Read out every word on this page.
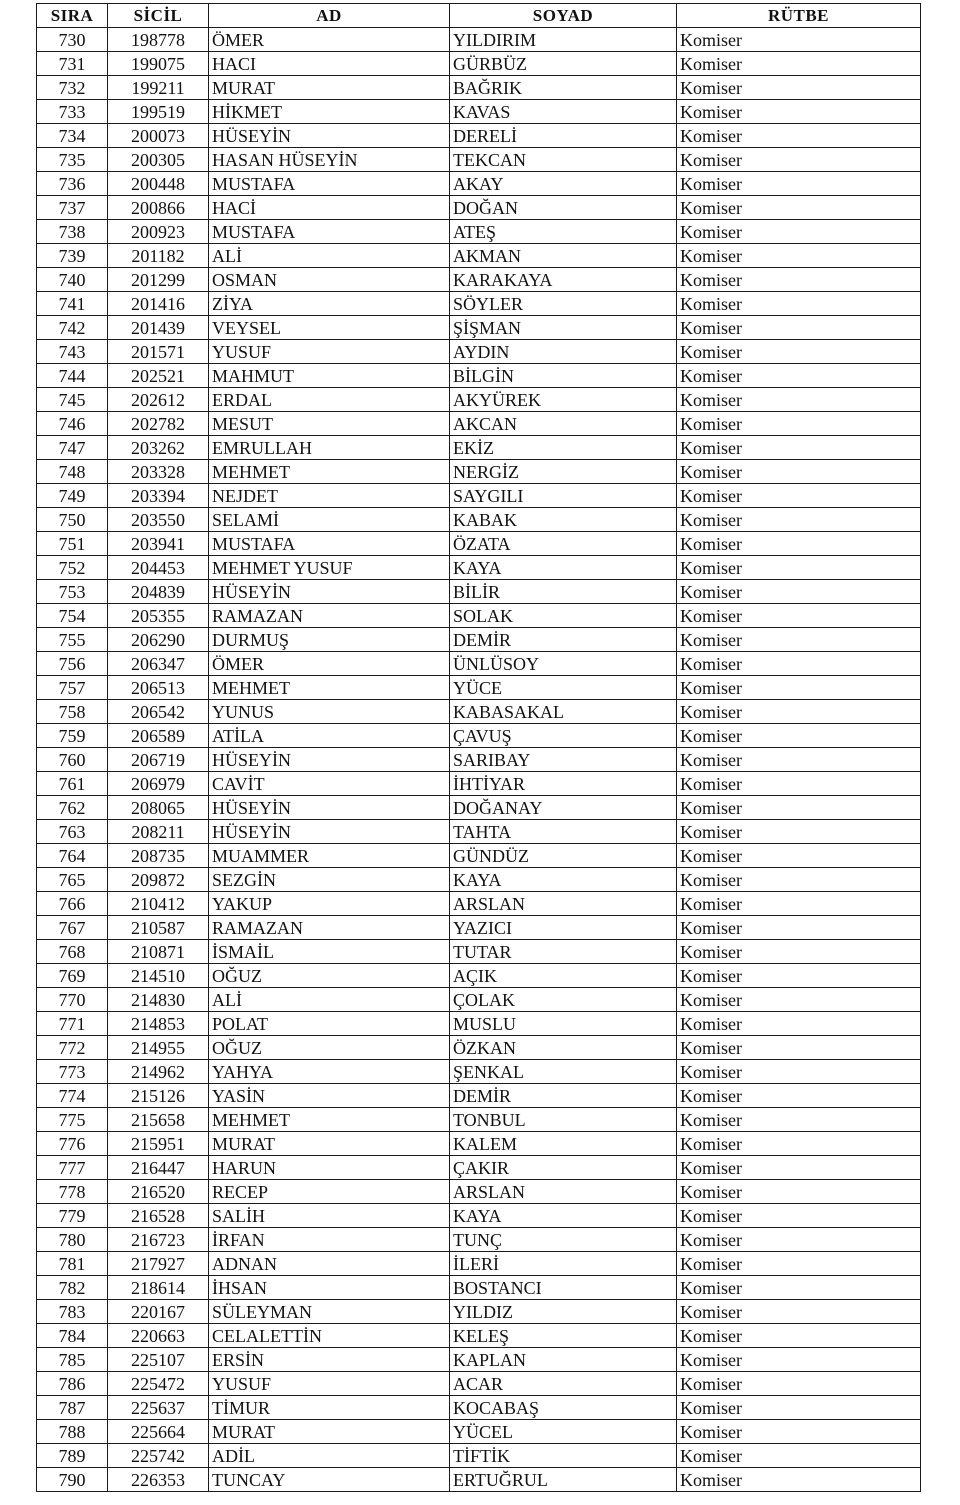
SIRA	SİCİL	AD	SOYAD	RÜTBE
730	198778	ÖMER	YILDIRIM	Komiser
731	199075	HACI	GÜRBÜZ	Komiser
732	199211	MURAT	BAĞRIK	Komiser
733	199519	HİKMET	KAVAS	Komiser
734	200073	HÜSEYİN	DERELİ	Komiser
735	200305	HASAN HÜSEYİN	TEKCAN	Komiser
736	200448	MUSTAFA	AKAY	Komiser
737	200866	HACİ	DOĞAN	Komiser
738	200923	MUSTAFA	ATEŞ	Komiser
739	201182	ALİ	AKMAN	Komiser
740	201299	OSMAN	KARAKAYA	Komiser
741	201416	ZİYA	SÖYLER	Komiser
742	201439	VEYSEL	ŞİŞMAN	Komiser
743	201571	YUSUF	AYDIN	Komiser
744	202521	MAHMUT	BİLGİN	Komiser
745	202612	ERDAL	AKYÜREK	Komiser
746	202782	MESUT	AKCAN	Komiser
747	203262	EMRULLAH	EKİZ	Komiser
748	203328	MEHMET	NERGİZ	Komiser
749	203394	NEJDET	SAYGILI	Komiser
750	203550	SELAMİ	KABAK	Komiser
751	203941	MUSTAFA	ÖZATA	Komiser
752	204453	MEHMET YUSUF	KAYA	Komiser
753	204839	HÜSEYİN	BİLİR	Komiser
754	205355	RAMAZAN	SOLAK	Komiser
755	206290	DURMUŞ	DEMİR	Komiser
756	206347	ÖMER	ÜNLÜSOY	Komiser
757	206513	MEHMET	YÜCE	Komiser
758	206542	YUNUS	KABASAKAL	Komiser
759	206589	ATİLA	ÇAVUŞ	Komiser
760	206719	HÜSEYİN	SARIBAY	Komiser
761	206979	CAVİT	İHTİYAR	Komiser
762	208065	HÜSEYİN	DOĞANAY	Komiser
763	208211	HÜSEYİN	TAHTA	Komiser
764	208735	MUAMMER	GÜNDÜZ	Komiser
765	209872	SEZGİN	KAYA	Komiser
766	210412	YAKUP	ARSLAN	Komiser
767	210587	RAMAZAN	YAZICI	Komiser
768	210871	İSMAİL	TUTAR	Komiser
769	214510	OĞUZ	AÇIK	Komiser
770	214830	ALİ	ÇOLAK	Komiser
771	214853	POLAT	MUSLU	Komiser
772	214955	OĞUZ	ÖZKAN	Komiser
773	214962	YAHYA	ŞENKAL	Komiser
774	215126	YASİN	DEMİR	Komiser
775	215658	MEHMET	TONBUL	Komiser
776	215951	MURAT	KALEM	Komiser
777	216447	HARUN	ÇAKIR	Komiser
778	216520	RECEP	ARSLAN	Komiser
779	216528	SALİH	KAYA	Komiser
780	216723	İRFAN	TUNÇ	Komiser
781	217927	ADNAN	İLERİ	Komiser
782	218614	İHSAN	BOSTANCI	Komiser
783	220167	SÜLEYMAN	YILDIZ	Komiser
784	220663	CELALETTİN	KELEŞ	Komiser
785	225107	ERSİN	KAPLAN	Komiser
786	225472	YUSUF	ACAR	Komiser
787	225637	TİMUR	KOCABAŞ	Komiser
788	225664	MURAT	YÜCEL	Komiser
789	225742	ADİL	TİFTİK	Komiser
790	226353	TUNCAY	ERTUĞRUL	Komiser
